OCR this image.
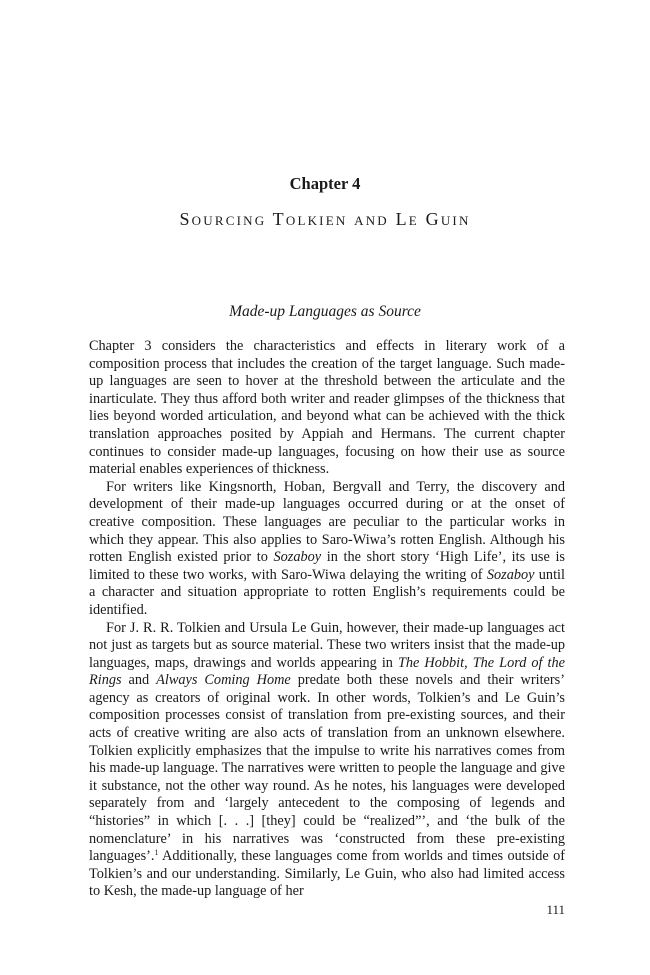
Chapter 4
Sourcing Tolkien and Le Guin
Made-up Languages as Source

Chapter 3 considers the characteristics and effects in literary work of a composition process that includes the creation of the target language. Such made-up languages are seen to hover at the threshold between the articulate and the inarticulate. They thus afford both writer and reader glimpses of the thickness that lies beyond worded articulation, and beyond what can be achieved with the thick translation approaches posited by Appiah and Hermans. The current chapter continues to consider made-up languages, focusing on how their use as source material enables experiences of thickness.

For writers like Kingsnorth, Hoban, Bergvall and Terry, the discovery and development of their made-up languages occurred during or at the onset of creative composition. These languages are peculiar to the particular works in which they appear. This also applies to Saro-Wiwa’s rotten English. Although his rotten English existed prior to Sozaboy in the short story ‘High Life’, its use is limited to these two works, with Saro-Wiwa delaying the writing of Sozaboy until a character and situation appropriate to rotten English’s requirements could be identified.

For J. R. R. Tolkien and Ursula Le Guin, however, their made-up languages act not just as targets but as source material. These two writers insist that the made-up languages, maps, drawings and worlds appearing in The Hobbit, The Lord of the Rings and Always Coming Home predate both these novels and their writers’ agency as creators of original work. In other words, Tolkien’s and Le Guin’s composition processes consist of translation from pre-existing sources, and their acts of creative writing are also acts of translation from an unknown elsewhere. Tolkien explicitly emphasizes that the impulse to write his narratives comes from his made-up language. The narratives were written to people the language and give it substance, not the other way round. As he notes, his languages were developed separately from and ‘largely antecedent to the composing of legends and “histories” in which [. . .] [they] could be “realized”’, and ‘the bulk of the nomenclature’ in his narratives was ‘constructed from these pre-existing languages’.$^1$ Additionally, these languages come from worlds and times outside of Tolkien’s and our understanding. Similarly, Le Guin, who also had limited access to Kesh, the made-up language of her

111
